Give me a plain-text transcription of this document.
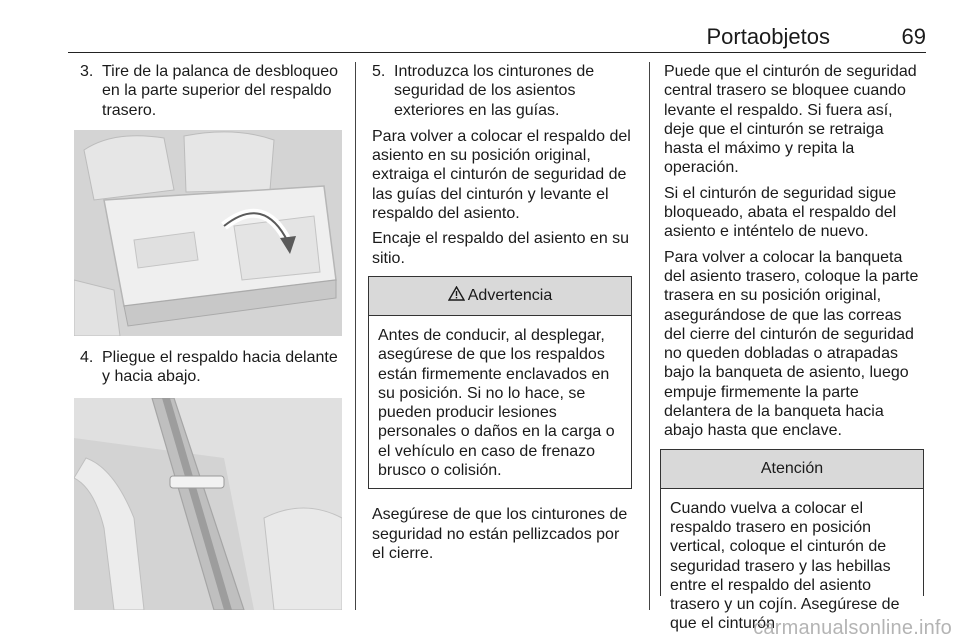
Portaobjetos	69
3. Tire de la palanca de desbloqueo en la parte superior del respaldo trasero.
4. Pliegue el respaldo hacia delante y hacia abajo.
5. Introduzca los cinturones de seguridad de los asientos exteriores en las guías.

Para volver a colocar el respaldo del asiento en su posición original, extraiga el cinturón de seguridad de las guías del cinturón y levante el respaldo del asiento.

Encaje el respaldo del asiento en su sitio.

Advertencia
Antes de conducir, al desplegar, asegúrese de que los respaldos están firmemente enclavados en su posición. Si no lo hace, se pueden producir lesiones personales o daños en la carga o el vehículo en caso de frenazo brusco o colisión.

Asegúrese de que los cinturones de seguridad no están pellizcados por el cierre.

Puede que el cinturón de seguridad central trasero se bloquee cuando levante el respaldo. Si fuera así, deje que el cinturón se retraiga hasta el máximo y repita la operación.

Si el cinturón de seguridad sigue bloqueado, abata el respaldo del asiento e inténtelo de nuevo.

Para volver a colocar la banqueta del asiento trasero, coloque la parte trasera en su posición original, asegurándose de que las correas del cierre del cinturón de seguridad no queden dobladas o atrapadas bajo la banqueta de asiento, luego empuje firmemente la parte delantera de la banqueta hacia abajo hasta que enclave.

Atención
Cuando vuelva a colocar el respaldo trasero en posición vertical, coloque el cinturón de seguridad trasero y las hebillas entre el respaldo del asiento trasero y un cojín. Asegúrese de que el cinturón
carmanualsonline.info
